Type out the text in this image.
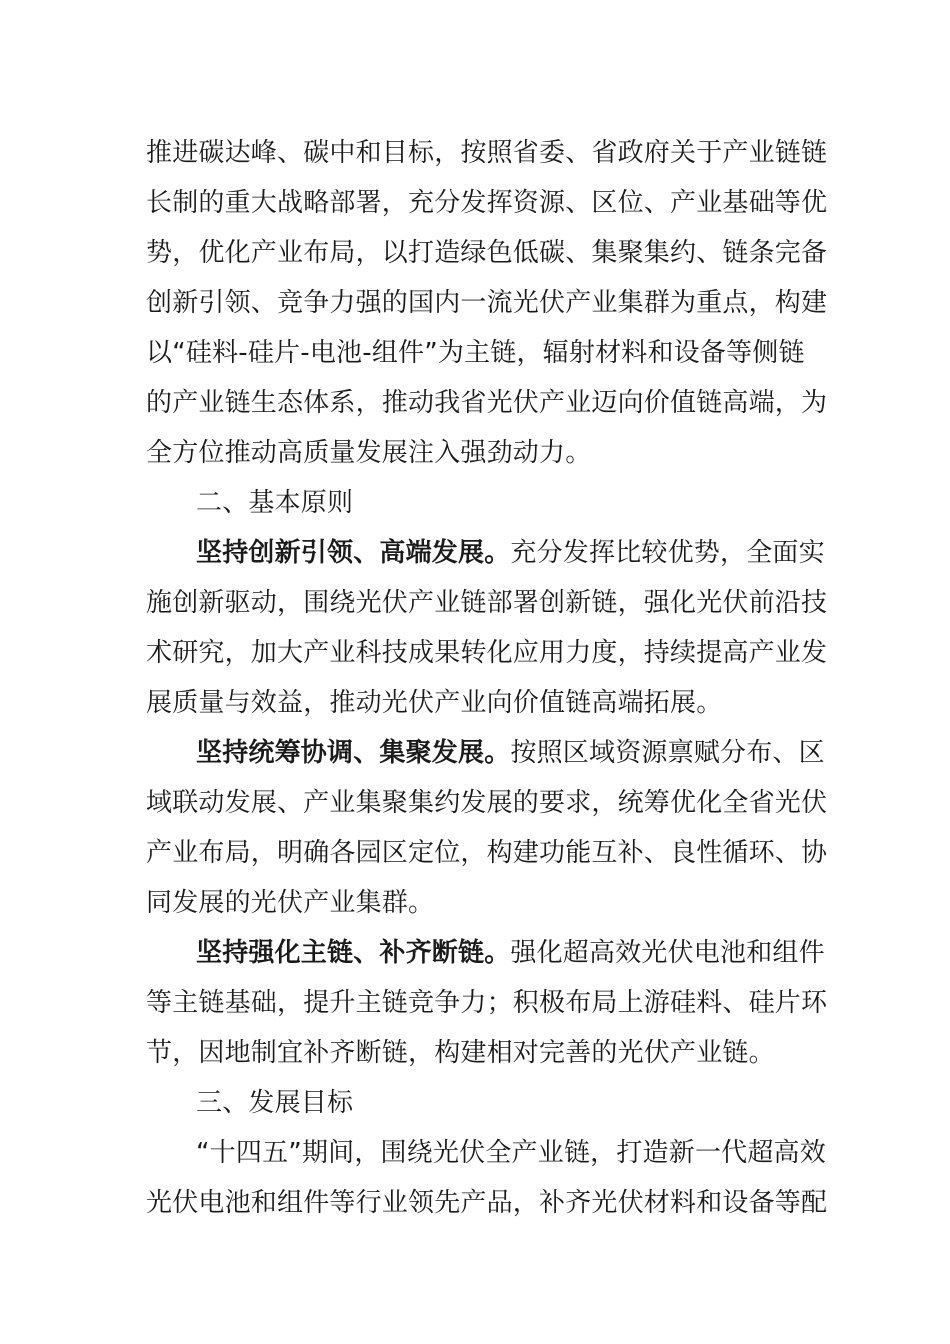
推进碳达峰、碳中和目标，按照省委、省政府关于产业链链
长制的重大战略部署，充分发挥资源、区位、产业基础等优
势，优化产业布局，以打造绿色低碳、集聚集约、链条完备
创新引领、竞争力强的国内一流光伏产业集群为重点，构建
以“硅料-硅片-电池-组件”为主链，辐射材料和设备等侧链
的产业链生态体系，推动我省光伏产业迈向价值链高端，为
全方位推动高质量发展注入强劲动力。
二、基本原则
坚持创新引领、高端发展。充分发挥比较优势，全面实
施创新驱动，围绕光伏产业链部署创新链，强化光伏前沿技
术研究，加大产业科技成果转化应用力度，持续提高产业发
展质量与效益，推动光伏产业向价值链高端拓展。
坚持统筹协调、集聚发展。按照区域资源禀赋分布、区
域联动发展、产业集聚集约发展的要求，统筹优化全省光伏
产业布局，明确各园区定位，构建功能互补、良性循环、协
同发展的光伏产业集群。
坚持强化主链、补齐断链。强化超高效光伏电池和组件
等主链基础，提升主链竞争力；积极布局上游硅料、硅片环
节，因地制宜补齐断链，构建相对完善的光伏产业链。
三、发展目标
“十四五”期间，围绕光伏全产业链，打造新一代超高效
光伏电池和组件等行业领先产品，补齐光伏材料和设备等配
